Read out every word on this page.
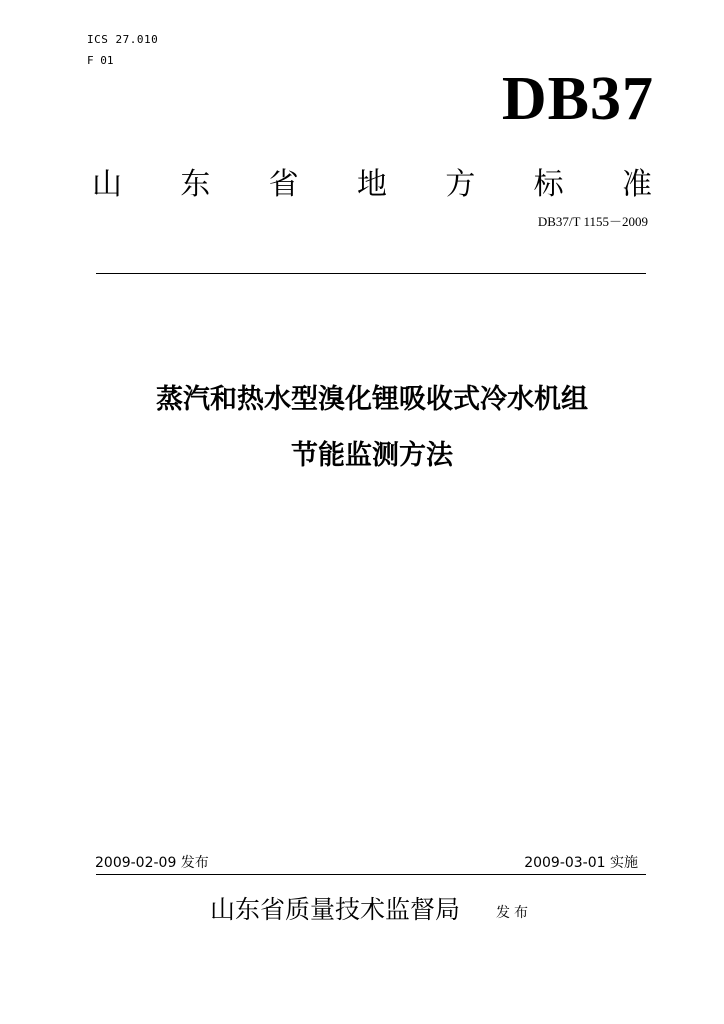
ICS 27.010
F 01
DB37
山 东 省 地 方 标 准
DB37/T 1155－2009
蒸汽和热水型溴化锂吸收式冷水机组
节能监测方法
2009-02-09 发布	2009-03-01 实施
山东省质量技术监督局	发布
